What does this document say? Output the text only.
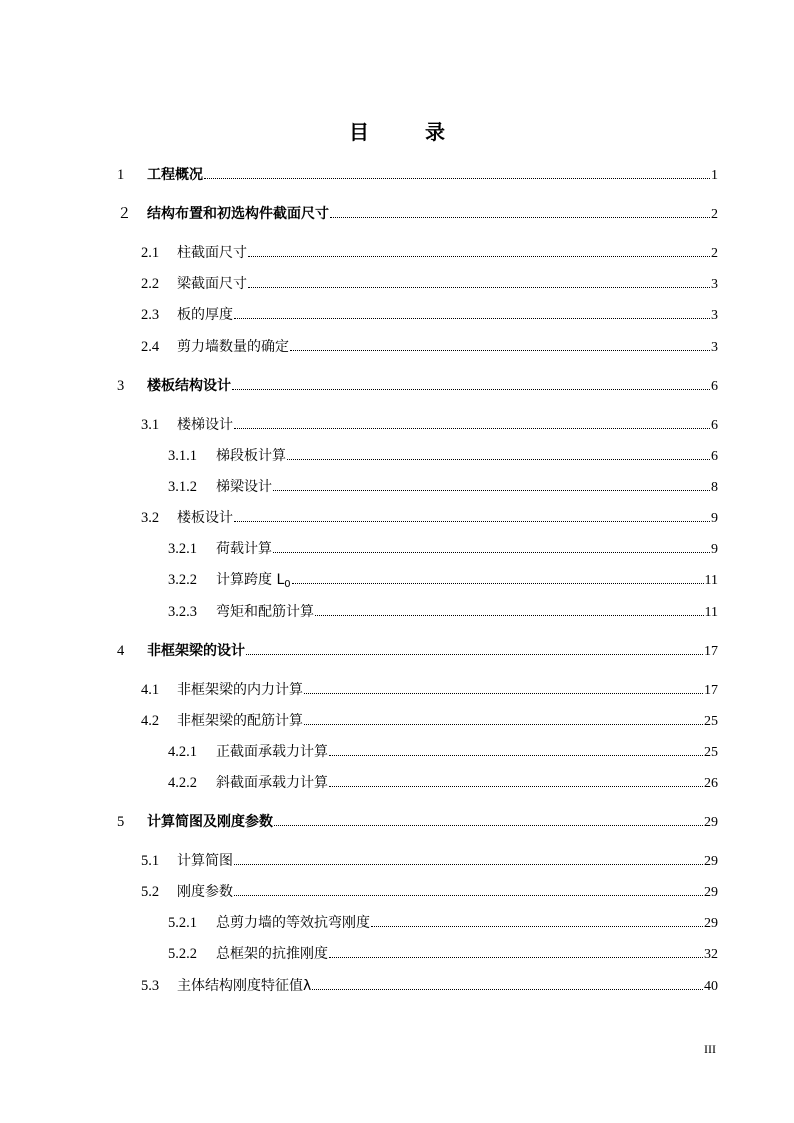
目	录
1	工程概况	1
２	结构布置和初选构件截面尺寸	2
2.1	柱截面尺寸	2
2.2	梁截面尺寸	3
2.3	板的厚度	3
2.4	剪力墙数量的确定	3
3	楼板结构设计	6
3.1	楼梯设计	6
3.1.1	梯段板计算	6
3.1.2	梯梁设计	8
3.2	楼板设计	9
3.2.1	荷载计算	9
3.2.2	计算跨度 $L_0$	11
3.2.3	弯矩和配筋计算	11
4	非框架梁的设计	17
4.1	非框架梁的内力计算	17
4.2	非框架梁的配筋计算	25
4.2.1	正截面承载力计算	25
4.2.2	斜截面承载力计算	26
5	计算简图及刚度参数	29
5.1	计算简图	29
5.2	刚度参数	29
5.2.1	总剪力墙的等效抗弯刚度	29
5.2.2	总框架的抗推刚度	32
5.3	主体结构刚度特征值λ	40
III
